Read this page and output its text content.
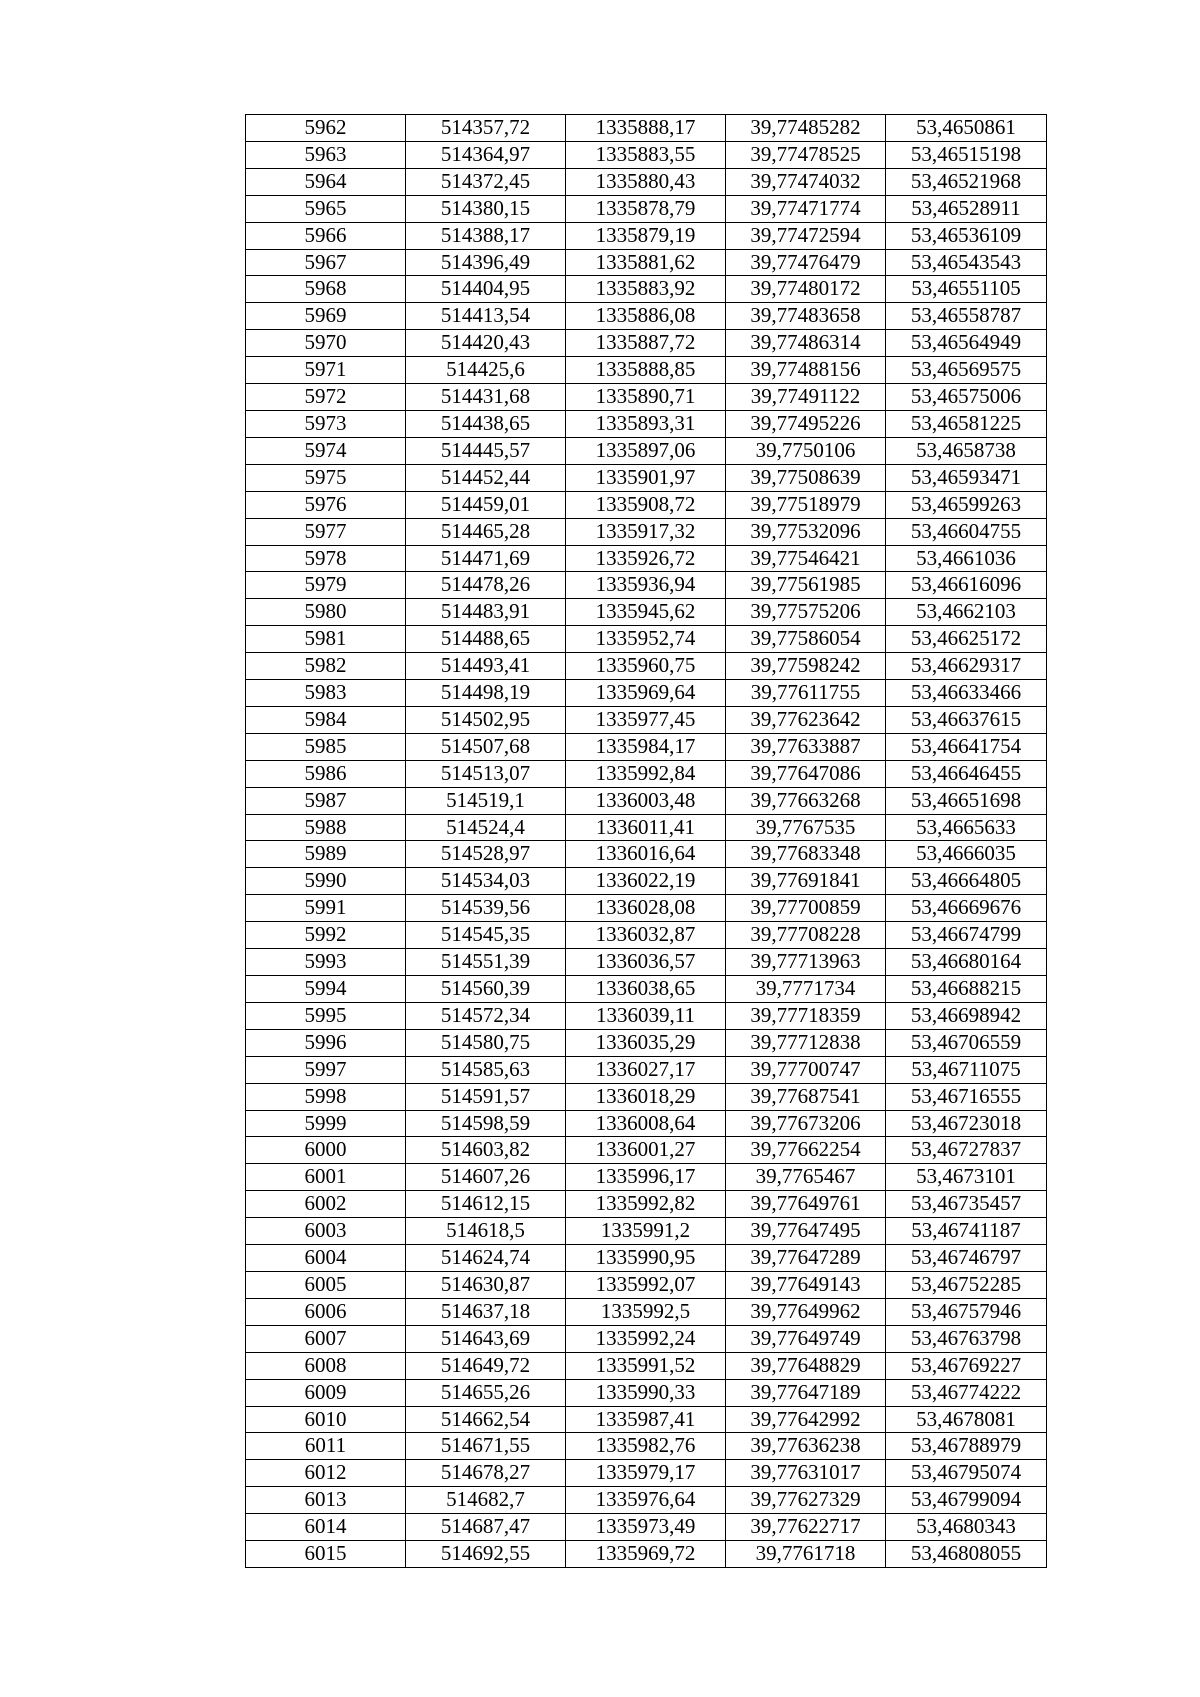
5962	514357,72	1335888,17	39,77485282	53,4650861
5963	514364,97	1335883,55	39,77478525	53,46515198
5964	514372,45	1335880,43	39,77474032	53,46521968
5965	514380,15	1335878,79	39,77471774	53,46528911
5966	514388,17	1335879,19	39,77472594	53,46536109
5967	514396,49	1335881,62	39,77476479	53,46543543
5968	514404,95	1335883,92	39,77480172	53,46551105
5969	514413,54	1335886,08	39,77483658	53,46558787
5970	514420,43	1335887,72	39,77486314	53,46564949
5971	514425,6	1335888,85	39,77488156	53,46569575
5972	514431,68	1335890,71	39,77491122	53,46575006
5973	514438,65	1335893,31	39,77495226	53,46581225
5974	514445,57	1335897,06	39,7750106	53,4658738
5975	514452,44	1335901,97	39,77508639	53,46593471
5976	514459,01	1335908,72	39,77518979	53,46599263
5977	514465,28	1335917,32	39,77532096	53,46604755
5978	514471,69	1335926,72	39,77546421	53,4661036
5979	514478,26	1335936,94	39,77561985	53,46616096
5980	514483,91	1335945,62	39,77575206	53,4662103
5981	514488,65	1335952,74	39,77586054	53,46625172
5982	514493,41	1335960,75	39,77598242	53,46629317
5983	514498,19	1335969,64	39,77611755	53,46633466
5984	514502,95	1335977,45	39,77623642	53,46637615
5985	514507,68	1335984,17	39,77633887	53,46641754
5986	514513,07	1335992,84	39,77647086	53,46646455
5987	514519,1	1336003,48	39,77663268	53,46651698
5988	514524,4	1336011,41	39,7767535	53,4665633
5989	514528,97	1336016,64	39,77683348	53,4666035
5990	514534,03	1336022,19	39,77691841	53,46664805
5991	514539,56	1336028,08	39,77700859	53,46669676
5992	514545,35	1336032,87	39,77708228	53,46674799
5993	514551,39	1336036,57	39,77713963	53,46680164
5994	514560,39	1336038,65	39,7771734	53,46688215
5995	514572,34	1336039,11	39,77718359	53,46698942
5996	514580,75	1336035,29	39,77712838	53,46706559
5997	514585,63	1336027,17	39,77700747	53,46711075
5998	514591,57	1336018,29	39,77687541	53,46716555
5999	514598,59	1336008,64	39,77673206	53,46723018
6000	514603,82	1336001,27	39,77662254	53,46727837
6001	514607,26	1335996,17	39,7765467	53,4673101
6002	514612,15	1335992,82	39,77649761	53,46735457
6003	514618,5	1335991,2	39,77647495	53,46741187
6004	514624,74	1335990,95	39,77647289	53,46746797
6005	514630,87	1335992,07	39,77649143	53,46752285
6006	514637,18	1335992,5	39,77649962	53,46757946
6007	514643,69	1335992,24	39,77649749	53,46763798
6008	514649,72	1335991,52	39,77648829	53,46769227
6009	514655,26	1335990,33	39,77647189	53,46774222
6010	514662,54	1335987,41	39,77642992	53,4678081
6011	514671,55	1335982,76	39,77636238	53,46788979
6012	514678,27	1335979,17	39,77631017	53,46795074
6013	514682,7	1335976,64	39,77627329	53,46799094
6014	514687,47	1335973,49	39,77622717	53,4680343
6015	514692,55	1335969,72	39,7761718	53,46808055
